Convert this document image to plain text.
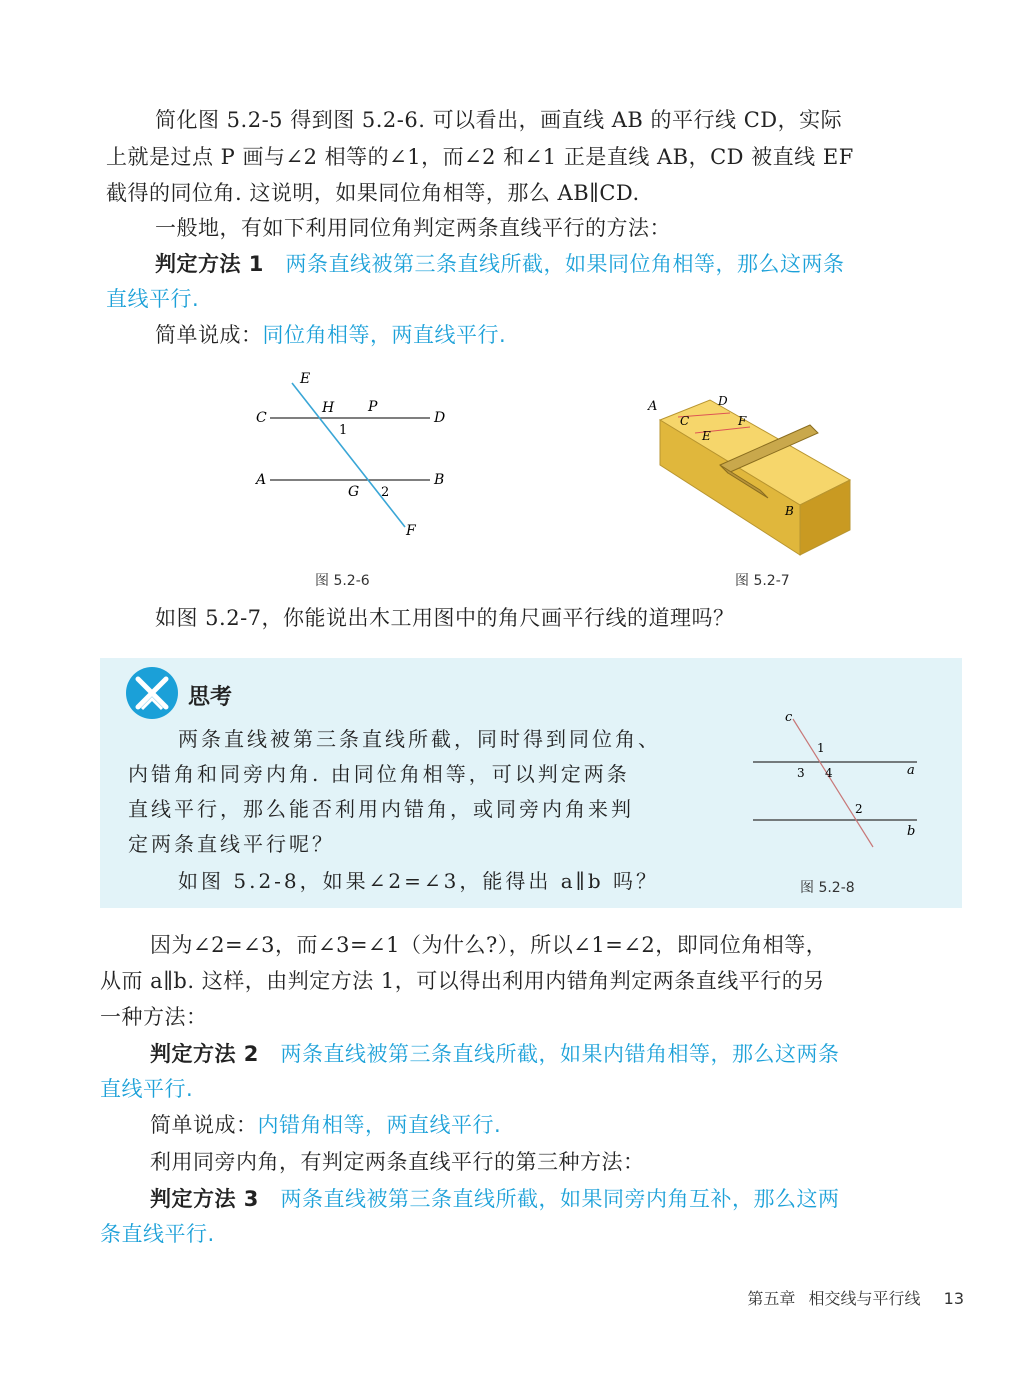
简化图 5.2-5 得到图 5.2-6. 可以看出，画直线 AB 的平行线 CD，实际
上就是过点 P 画与∠2 相等的∠1，而∠2 和∠1 正是直线 AB，CD 被直线 EF
截得的同位角. 这说明，如果同位角相等，那么 AB∥CD.
一般地，有如下利用同位角判定两条直线平行的方法：
判定方法 1 两条直线被第三条直线所截，如果同位角相等，那么这两条
直线平行.
简单说成：同位角相等，两直线平行.
E
C
H P
D
1
A	B
G 2
F
图 5.2-6
A
C
D
E
F
B
图 5.2-7
如图 5.2-7，你能说出木工用图中的角尺画平行线的道理吗？
思考
两条直线被第三条直线所截，同时得到同位角、
内错角和同旁内角. 由同位角相等，可以判定两条
直线平行，那么能否利用内错角，或同旁内角来判
定两条直线平行呢？
如图 5.2-8，如果∠2=∠3，能得出 a∥b 吗？
c
1
3 4	a
2
b
图 5.2-8
因为∠2=∠3，而∠3=∠1（为什么?），所以∠1=∠2，即同位角相等，
从而 a∥b. 这样，由判定方法 1，可以得出利用内错角判定两条直线平行的另
一种方法：
判定方法 2 两条直线被第三条直线所截，如果内错角相等，那么这两条
直线平行.
简单说成：内错角相等，两直线平行.
利用同旁内角，有判定两条直线平行的第三种方法：
判定方法 3 两条直线被第三条直线所截，如果同旁内角互补，那么这两
条直线平行.
第五章 相交线与平行线 13
